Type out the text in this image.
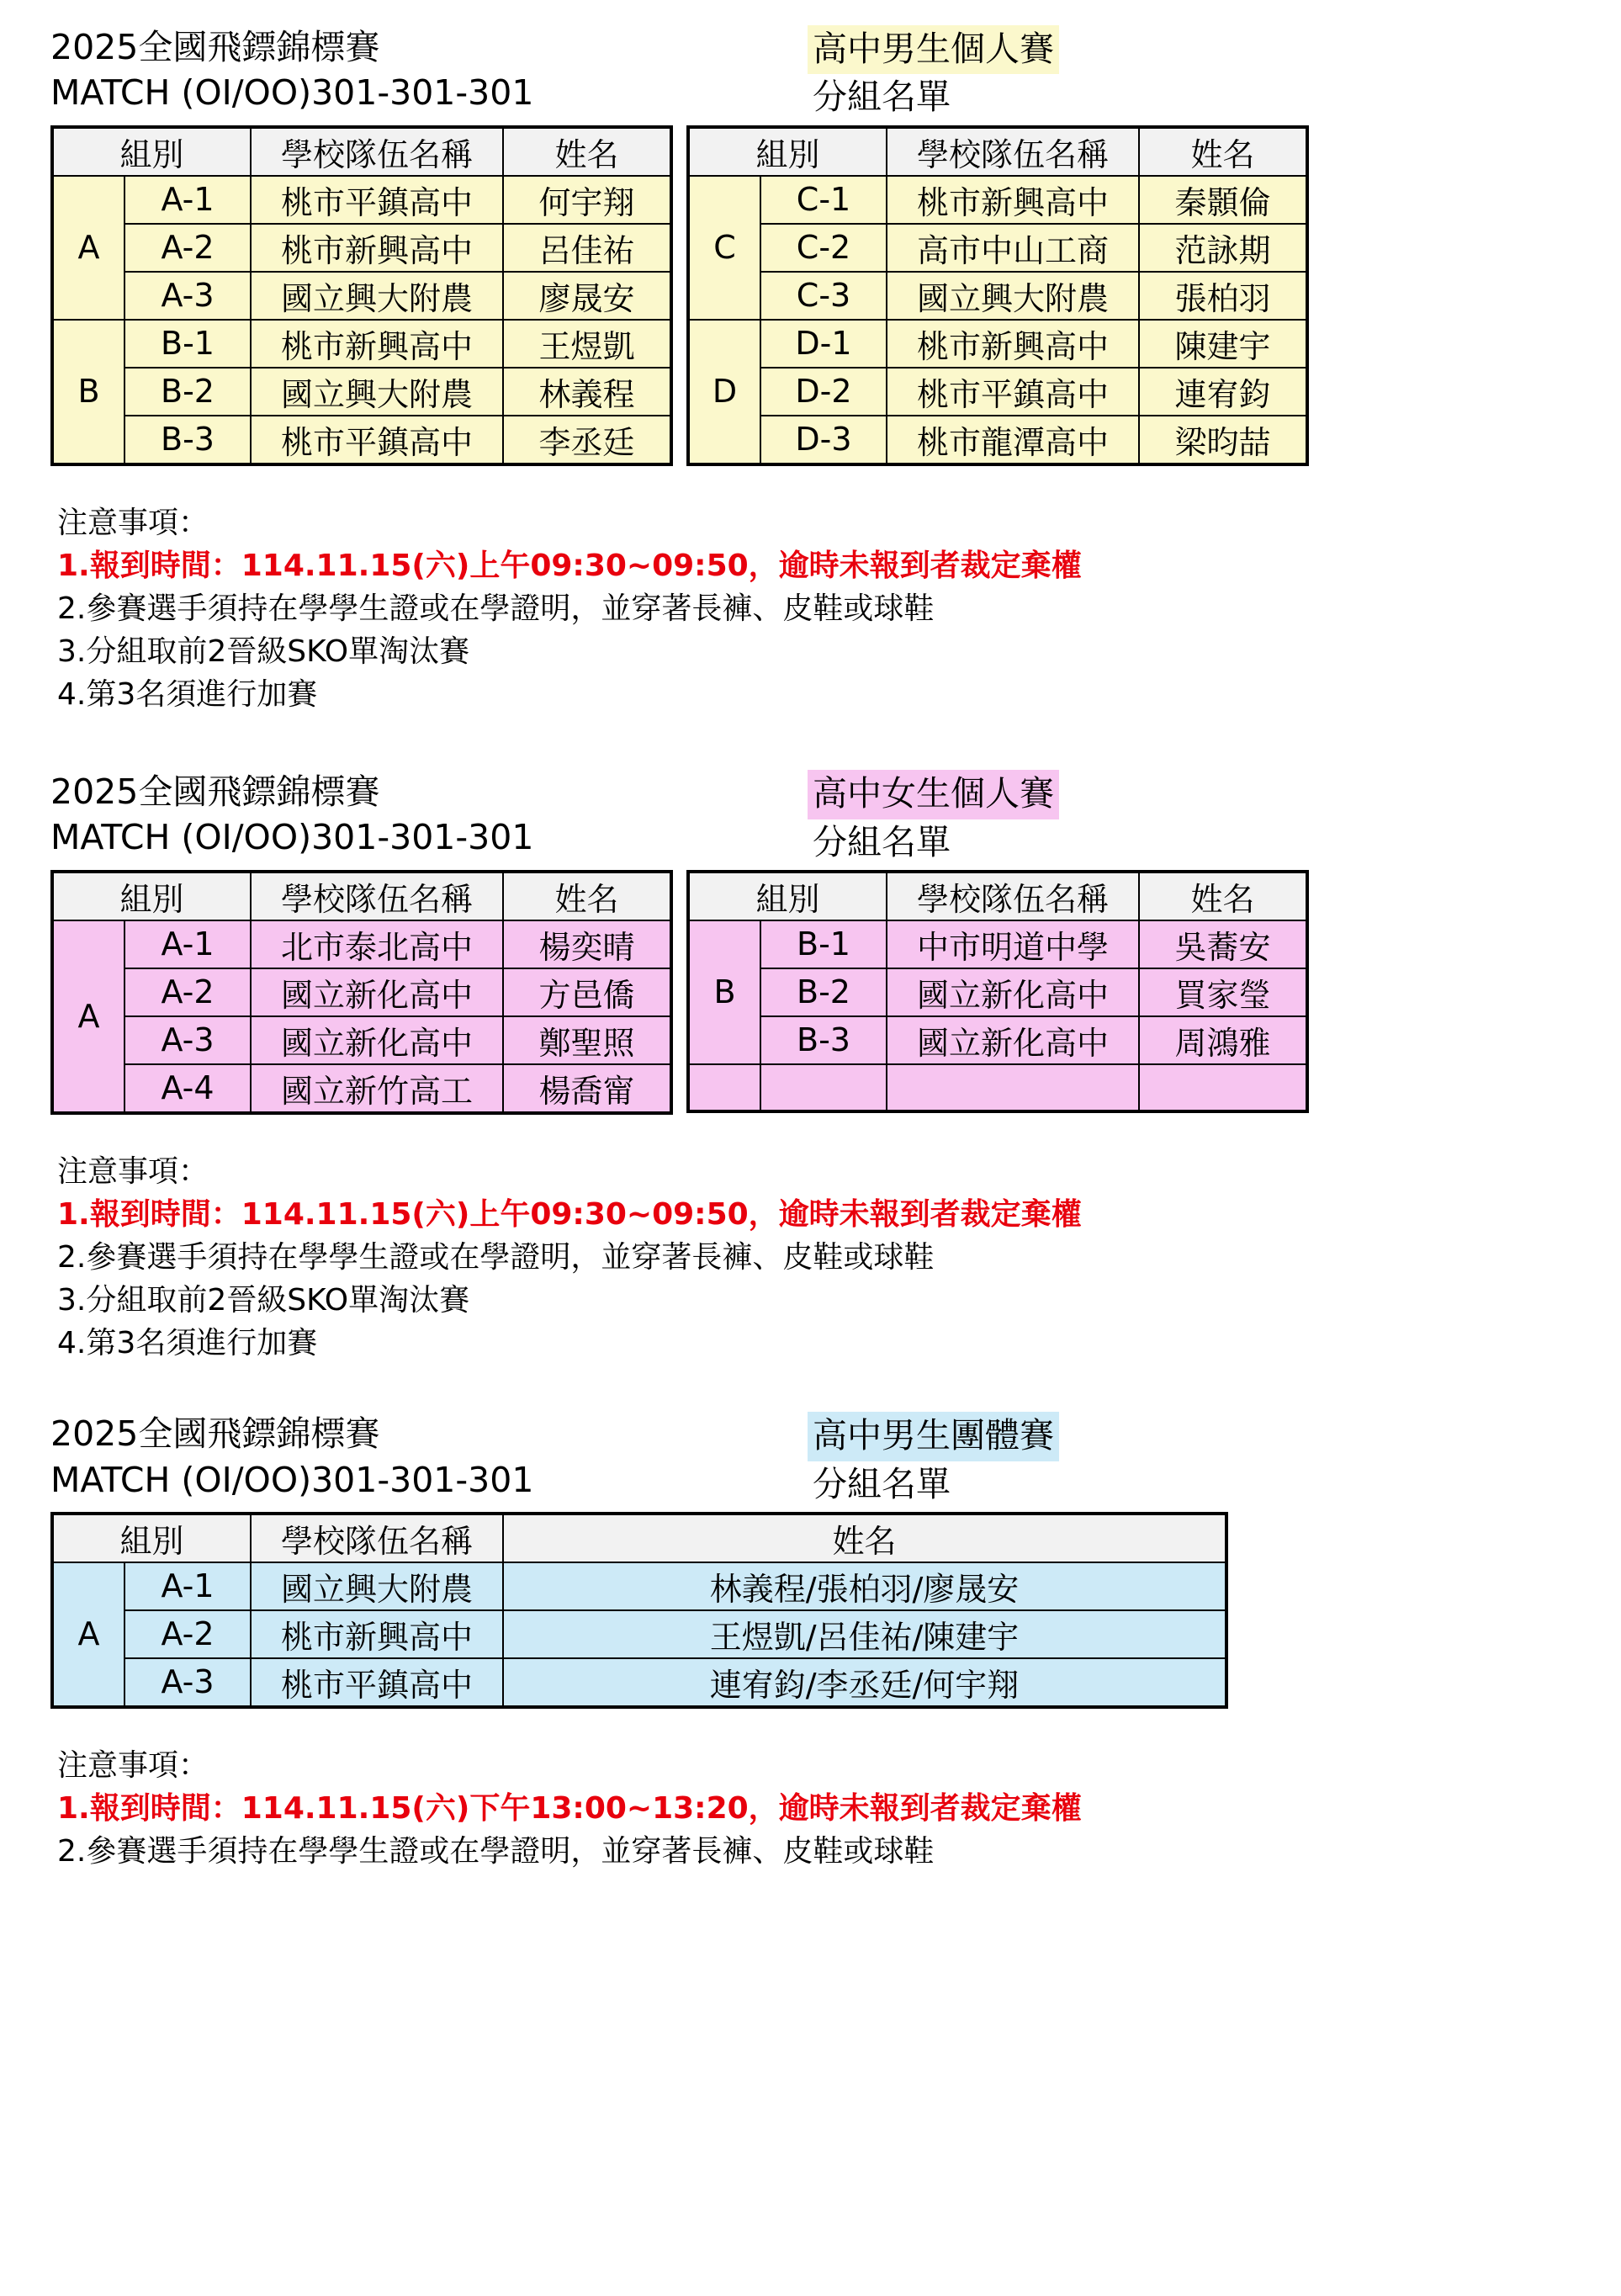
2025全國飛鏢錦標賽
MATCH (OI/OO)301-301-301
高中男生個人賽
分組名單
組別		學校隊伍名稱	姓名
A	A-1	桃市平鎮高中	何宇翔
	A-2	桃市新興高中	呂佳祐
	A-3	國立興大附農	廖晟安
B	B-1	桃市新興高中	王煜凱
	B-2	國立興大附農	林義程
	B-3	桃市平鎮高中	李丞廷
組別		學校隊伍名稱	姓名
C	C-1	桃市新興高中	秦顥倫
	C-2	高市中山工商	范詠期
	C-3	國立興大附農	張柏羽
D	D-1	桃市新興高中	陳建宇
	D-2	桃市平鎮高中	連宥鈞
	D-3	桃市龍潭高中	梁昀喆
注意事項：
1.報到時間：114.11.15(六)上午09:30~09:50，逾時未報到者裁定棄權
2.參賽選手須持在學學生證或在學證明，並穿著長褲、皮鞋或球鞋
3.分組取前2晉級SKO單淘汰賽
4.第3名須進行加賽
2025全國飛鏢錦標賽
MATCH (OI/OO)301-301-301
高中女生個人賽
分組名單
組別		學校隊伍名稱	姓名
A	A-1	北市泰北高中	楊奕晴
	A-2	國立新化高中	方邑僑
	A-3	國立新化高中	鄭聖照
	A-4	國立新竹高工	楊喬甯
組別		學校隊伍名稱	姓名
B	B-1	中市明道中學	吳蕎安
	B-2	國立新化高中	買家瑩
	B-3	國立新化高中	周鴻雅

注意事項：
1.報到時間：114.11.15(六)上午09:30~09:50，逾時未報到者裁定棄權
2.參賽選手須持在學學生證或在學證明，並穿著長褲、皮鞋或球鞋
3.分組取前2晉級SKO單淘汰賽
4.第3名須進行加賽
2025全國飛鏢錦標賽
MATCH (OI/OO)301-301-301
高中男生團體賽
分組名單
組別		學校隊伍名稱	姓名
A	A-1	國立興大附農	林義程/張柏羽/廖晟安
	A-2	桃市新興高中	王煜凱/呂佳祐/陳建宇
	A-3	桃市平鎮高中	連宥鈞/李丞廷/何宇翔
注意事項：
1.報到時間：114.11.15(六)下午13:00~13:20，逾時未報到者裁定棄權
2.參賽選手須持在學學生證或在學證明，並穿著長褲、皮鞋或球鞋
